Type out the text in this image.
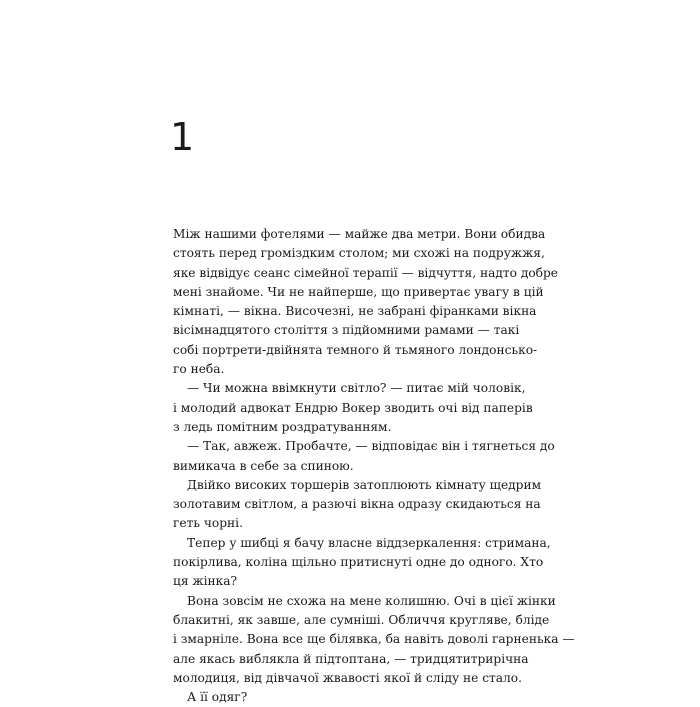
1
Між нашими фотелями — майже два метри. Вони обидва
стоять перед громіздким столом; ми схожі на подружжя,
яке відвідує сеанс сімейної терапії — відчуття, надто добре
мені знайоме. Чи не найперше, що привертає увагу в цій
кімнаті, — вікна. Височезні, не забрані фіранками вікна
вісімнадцятого століття з підйомними рамами — такі
собі портрети-двійнята темного й тьмяного лондонсько-
го неба.
— Чи можна ввімкнути світло? — питає мій чоловік,
і молодий адвокат Ендрю Вокер зводить очі від паперів
з ледь помітним роздратуванням.
— Так, авжеж. Пробачте, — відповідає він і тягнеться до
вимикача в себе за спиною.
Двійко високих торшерів затоплюють кімнату щедрим
золотавим світлом, а разючі вікна одразу скидаються на
геть чорні.
Тепер у шибці я бачу власне віддзеркалення: стримана,
покірлива, коліна щільно притиснуті одне до одного. Хто
ця жінка?
Вона зовсім не схожа на мене колишню. Очі в цієї жінки
блакитні, як завше, але сумніші. Обличчя кругляве, бліде
і змарніле. Вона все ще білявка, ба навіть доволі гарненька —
але якась виблякла й підтоптана, — тридцятитрирічна
молодиця, від дівчачої жвавості якої й сліду не стало.
А її одяг?
